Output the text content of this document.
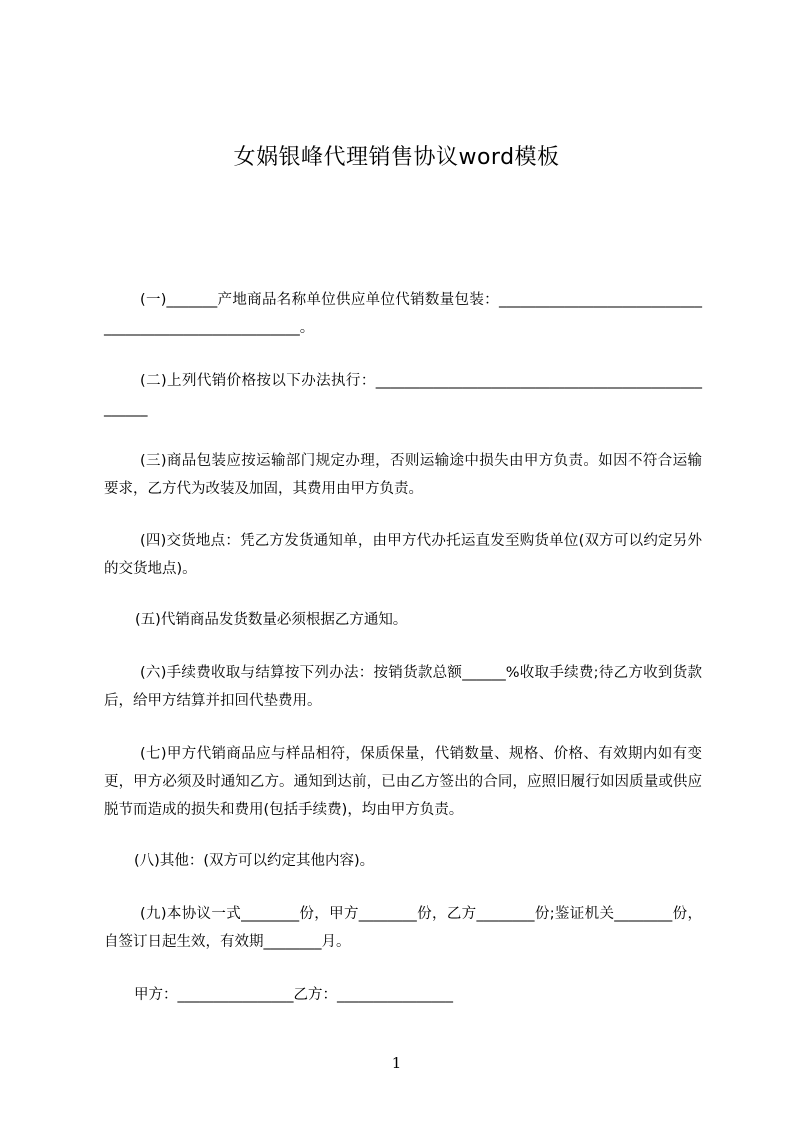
女娲银峰代理销售协议word模板
(一)_______产地商品名称单位供应单位代销数量包装：_______________________________________________________。
(二)上列代销价格按以下办法执行：___________________________________________________
(三)商品包装应按运输部门规定办理，否则运输途中损失由甲方负责。如因不符合运输要求，乙方代为改装及加固，其费用由甲方负责。
(四)交货地点：凭乙方发货通知单，由甲方代办托运直发至购货单位(双方可以约定另外的交货地点)。
(五)代销商品发货数量必须根据乙方通知。
(六)手续费收取与结算按下列办法：按销货款总额______%收取手续费;待乙方收到货款后，给甲方结算并扣回代垫费用。
(七)甲方代销商品应与样品相符，保质保量，代销数量、规格、价格、有效期内如有变更，甲方必须及时通知乙方。通知到达前，已由乙方签出的合同，应照旧履行如因质量或供应脱节而造成的损失和费用(包括手续费)，均由甲方负责。
(八)其他：(双方可以约定其他内容)。
(九)本协议一式________份，甲方________份，乙方________份;鉴证机关________份，自签订日起生效，有效期________月。
甲方：________________乙方：________________
1
